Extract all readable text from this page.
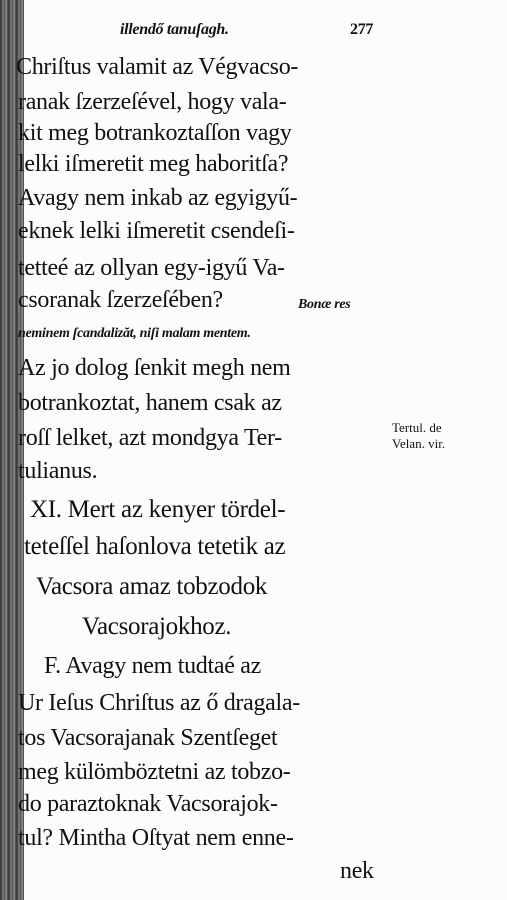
illendő tanuſagh.	277
Chriſtus valamit az Végvacso-
ranak ſzerzeſével, hogy vala-
kit meg botrankoztaſſon vagy
lelki iſmeretit meg haboritſa?
Avagy nem inkab az egyigyű-
eknek lelki iſmeretit csendeſi-
tetteé az ollyan egy-igyű Va-
csoranak ſzerzeſében?	Bonæ res
neminem ſcandalizăt, niſi malam mentem.
Az jo dolog ſenkit megh nem
botrankoztat, hanem csak az
roſſ lelket, azt mondgya Ter-
tulianus.
Tertul. de
Velan. vir.
XI. Mert az kenyer tördel-
teteſſel haſonlova tetetik az
Vacsora amaz tobzodok
Vacsorajokhoz.
F. Avagy nem tudtaé az
Ur Ieſus Chriſtus az ő dragala-
tos Vacsorajanak Szentſeget
meg külömböztetni az tobzo-
do paraztoknak Vacsorajok-
tul? Mintha Oſtyat nem enne-
nek
